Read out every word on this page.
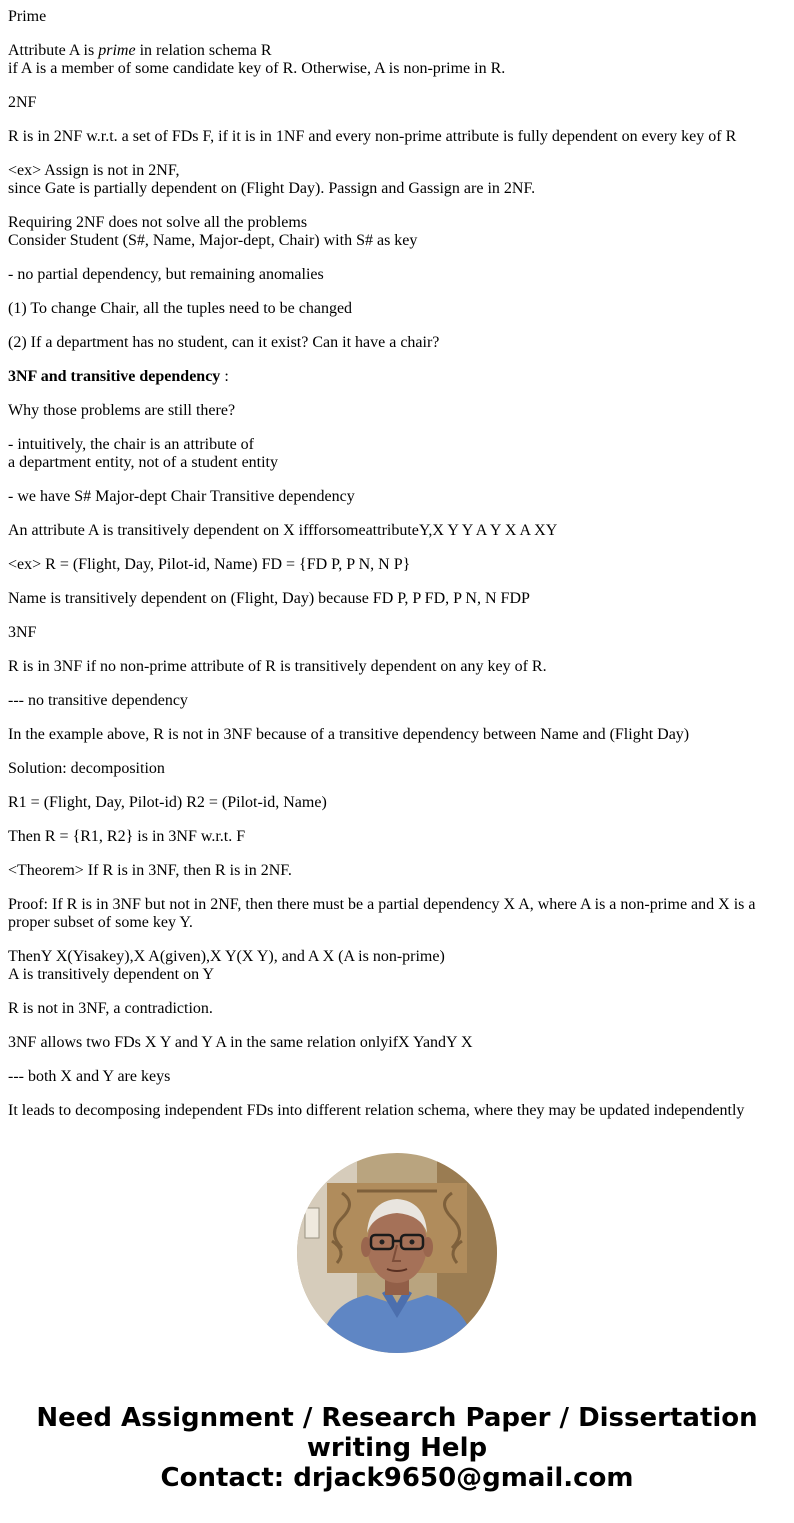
Prime

Attribute A is prime in relation schema R
if A is a member of some candidate key of R. Otherwise, A is non-prime in R.

2NF

R is in 2NF w.r.t. a set of FDs F, if it is in 1NF and every non-prime attribute is fully dependent on every key of R

<ex> Assign is not in 2NF,
since Gate is partially dependent on (Flight Day). Passign and Gassign are in 2NF.

Requiring 2NF does not solve all the problems
Consider Student (S#, Name, Major-dept, Chair) with S# as key

- no partial dependency, but remaining anomalies

(1) To change Chair, all the tuples need to be changed

(2) If a department has no student, can it exist? Can it have a chair?

3NF and transitive dependency :

Why those problems are still there?

- intuitively, the chair is an attribute of
a department entity, not of a student entity

- we have S# Major-dept Chair Transitive dependency

An attribute A is transitively dependent on X iffforsomeattributeY,X Y Y A Y X A XY

<ex> R = (Flight, Day, Pilot-id, Name) FD = {FD P, P N, N P}

Name is transitively dependent on (Flight, Day) because FD P, P FD, P N, N FDP

3NF

R is in 3NF if no non-prime attribute of R is transitively dependent on any key of R.

--- no transitive dependency

In the example above, R is not in 3NF because of a transitive dependency between Name and (Flight Day)

Solution: decomposition

R1 = (Flight, Day, Pilot-id) R2 = (Pilot-id, Name)

Then R = {R1, R2} is in 3NF w.r.t. F

<Theorem> If R is in 3NF, then R is in 2NF.

Proof: If R is in 3NF but not in 2NF, then there must be a partial dependency X A, where A is a non-prime and X is a proper subset of some key Y.

ThenY X(Yisakey),X A(given),X Y(X Y), and A X (A is non-prime)
A is transitively dependent on Y

R is not in 3NF, a contradiction.

3NF allows two FDs X Y and Y A in the same relation onlyifX YandY X

--- both X and Y are keys

It leads to decomposing independent FDs into different relation schema, where they may be updated independently

Need Assignment / Research Paper / Dissertation
writing Help
Contact: drjack9650@gmail.com
